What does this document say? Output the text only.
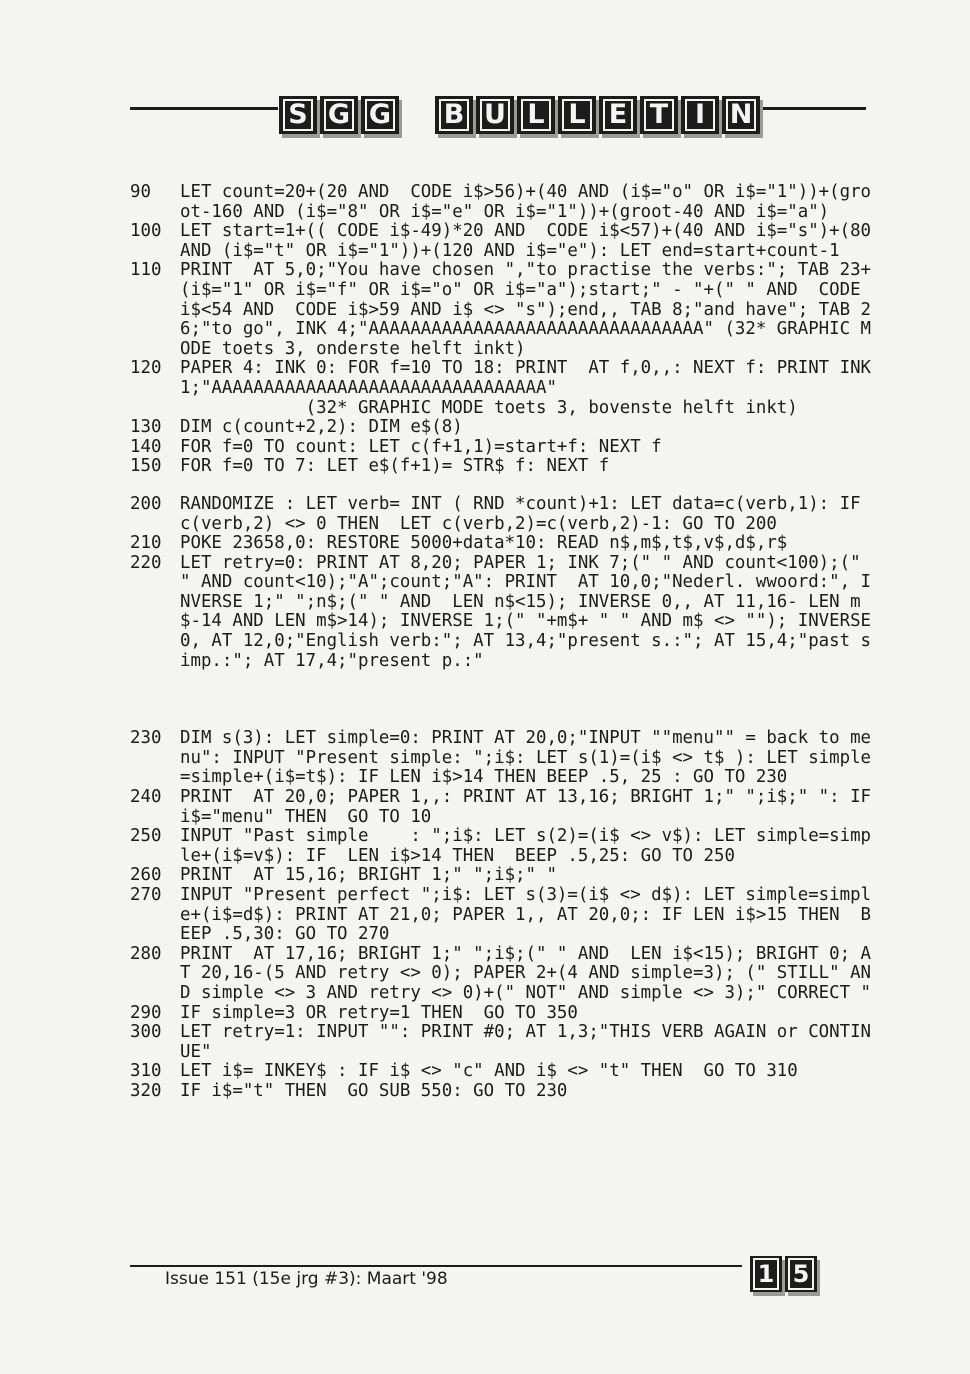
S G G B U L L E T I N
90	LET count=20+(20 AND  CODE i$>56)+(40 AND (i$="o" OR i$="1"))+(groot-160 AND (i$="8" OR i$="e" OR i$="1"))+(groot-40 AND i$="a")
100	LET start=1+(( CODE i$-49)*20 AND  CODE i$<57)+(40 AND i$="s")+(80 AND (i$="t" OR i$="1"))+(120 AND i$="e"): LET end=start+count-1
110	PRINT  AT 5,0;"You have chosen ","to practise the verbs:"; TAB 23+(i$="1" OR i$="f" OR i$="o" OR i$="a");start;" - "+(" " AND  CODE i$<54 AND  CODE i$>59 AND i$ <> "s");end,, TAB 8;"and have"; TAB 26;"to go", INK 4;"AAAAAAAAAAAAAAAAAAAAAAAAAAAAAAAA" (32* GRAPHIC MODE toets 3, onderste helft inkt)
120	PAPER 4: INK 0: FOR f=10 TO 18: PRINT  AT f,0,,: NEXT f: PRINT INK 1;"AAAAAAAAAAAAAAAAAAAAAAAAAAAAAAAA"
(32* GRAPHIC MODE toets 3, bovenste helft inkt)
130	DIM c(count+2,2): DIM e$(8)
140	FOR f=0 TO count: LET c(f+1,1)=start+f: NEXT f
150	FOR f=0 TO 7: LET e$(f+1)= STR$ f: NEXT f
200	RANDOMIZE : LET verb= INT ( RND *count)+1: LET data=c(verb,1): IF c(verb,2) <> 0 THEN  LET c(verb,2)=c(verb,2)-1: GO TO 200
210	POKE 23658,0: RESTORE 5000+data*10: READ n$,m$,t$,v$,d$,r$
220	LET retry=0: PRINT AT 8,20; PAPER 1; INK 7;(" " AND count<100);(" " AND count<10);"A";count;"A": PRINT  AT 10,0;"Nederl. wwoord:", INVERSE 1;" ";n$;(" " AND  LEN n$<15); INVERSE 0,, AT 11,16- LEN m$-14 AND LEN m$>14); INVERSE 1;(" "+m$+ " " AND m$ <> ""); INVERSE 0, AT 12,0;"English verb:"; AT 13,4;"present s.:"; AT 15,4;"past simp.:"; AT 17,4;"present p.:"
230	DIM s(3): LET simple=0: PRINT AT 20,0;"INPUT ""menu"" = back to menu": INPUT "Present simple: ";i$: LET s(1)=(i$ <> t$ ): LET simple=simple+(i$=t$): IF LEN i$>14 THEN BEEP .5, 25 : GO TO 230
240	PRINT  AT 20,0; PAPER 1,,: PRINT AT 13,16; BRIGHT 1;" ";i$;" ": IF i$="menu" THEN  GO TO 10
250	INPUT "Past simple    : ";i$: LET s(2)=(i$ <> v$): LET simple=simple+(i$=v$): IF  LEN i$>14 THEN  BEEP .5,25: GO TO 250
260	PRINT  AT 15,16; BRIGHT 1;" ";i$;" "
270	INPUT "Present perfect ";i$: LET s(3)=(i$ <> d$): LET simple=simple+(i$=d$): PRINT AT 21,0; PAPER 1,, AT 20,0;: IF LEN i$>15 THEN  BEEP .5,30: GO TO 270
280	PRINT  AT 17,16; BRIGHT 1;" ";i$;(" " AND  LEN i$<15); BRIGHT 0; AT 20,16-(5 AND retry <> 0); PAPER 2+(4 AND simple=3); (" STILL" AND simple <> 3 AND retry <> 0)+(" NOT" AND simple <> 3);" CORRECT "
290	IF simple=3 OR retry=1 THEN  GO TO 350
300	LET retry=1: INPUT "": PRINT #0; AT 1,3;"THIS VERB AGAIN or CONTINUE"
310	LET i$= INKEY$ : IF i$ <> "c" AND i$ <> "t" THEN  GO TO 310
320	IF i$="t" THEN  GO SUB 550: GO TO 230
Issue 151 (15e jrg #3): Maart '98	1 5
